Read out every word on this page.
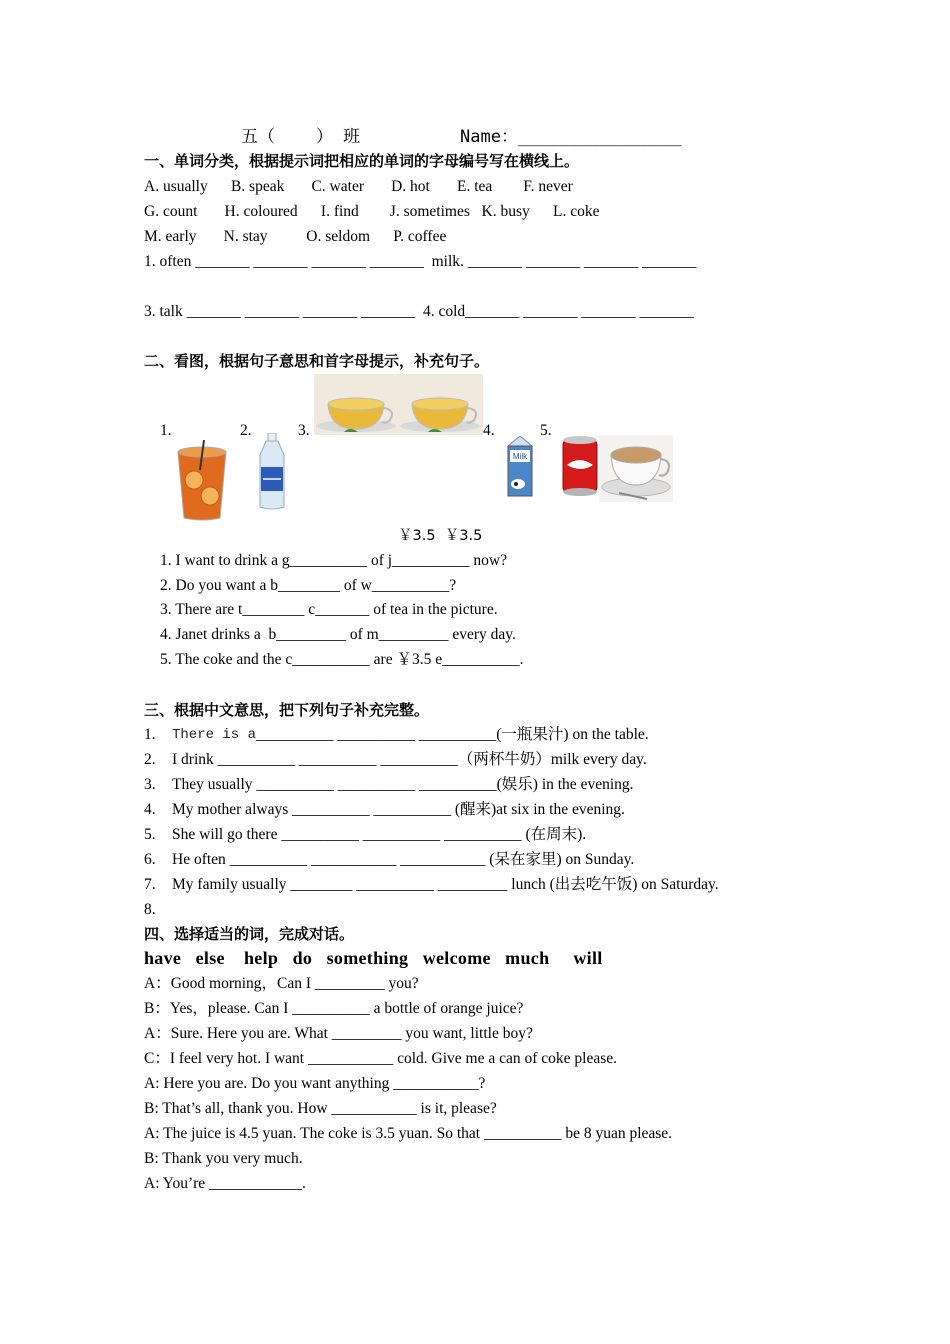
五（    ） 班	Name：________________
一、单词分类，根据提示词把相应的单词的字母编号写在横线上。
A. usually      B. speak       C. water       D. hot       E. tea        F. never
G. count       H. coloured      I. find        J. sometimes   K. busy      L. coke
M. early       N. stay          O. seldom      P. coffee
1. often _______ _______ _______ _______  milk. _______ _______ _______ _______
3. talk _______ _______ _______ _______  4. cold_______ _______ _______ _______
二、看图，根据句子意思和首字母提示，补充句子。
1.	2.	3.	4.	5.
Milk
￥3.5  ￥3.5
1. I want to drink a g__________ of j__________ now?
2. Do you want a b________ of w__________?
3. There are t________ c_______ of tea in the picture.
4. Janet drinks a  b_________ of m_________ every day.
5. The coke and the c__________ are ￥3.5 e__________.
三、根据中文意思，把下列句子补充完整。
1. There is a __________ __________ __________(一瓶果汁) on the table.
2. I drink __________ __________ __________（两杯牛奶）milk every day.
3. They usually __________ __________ __________(娱乐) in the evening.
4. My mother always __________ __________ (醒来)at six in the evening.
5. She will go there __________ __________ __________ (在周末).
6. He often __________ ___________ ___________ (呆在家里) on Sunday.
7. My family usually ________ __________ _________ lunch (出去吃午饭) on Saturday.
8.
四、选择适当的词，完成对话。
have   else    help   do   something   welcome   much     will
A：Good morning，Can I _________ you?
B：Yes，please. Can I __________ a bottle of orange juice?
A：Sure. Here you are. What _________ you want, little boy?
C：I feel very hot. I want ___________ cold. Give me a can of coke please.
A: Here you are. Do you want anything ___________?
B: That’s all, thank you. How ___________ is it, please?
A: The juice is 4.5 yuan. The coke is 3.5 yuan. So that __________ be 8 yuan please.
B: Thank you very much.
A: You’re ____________.
